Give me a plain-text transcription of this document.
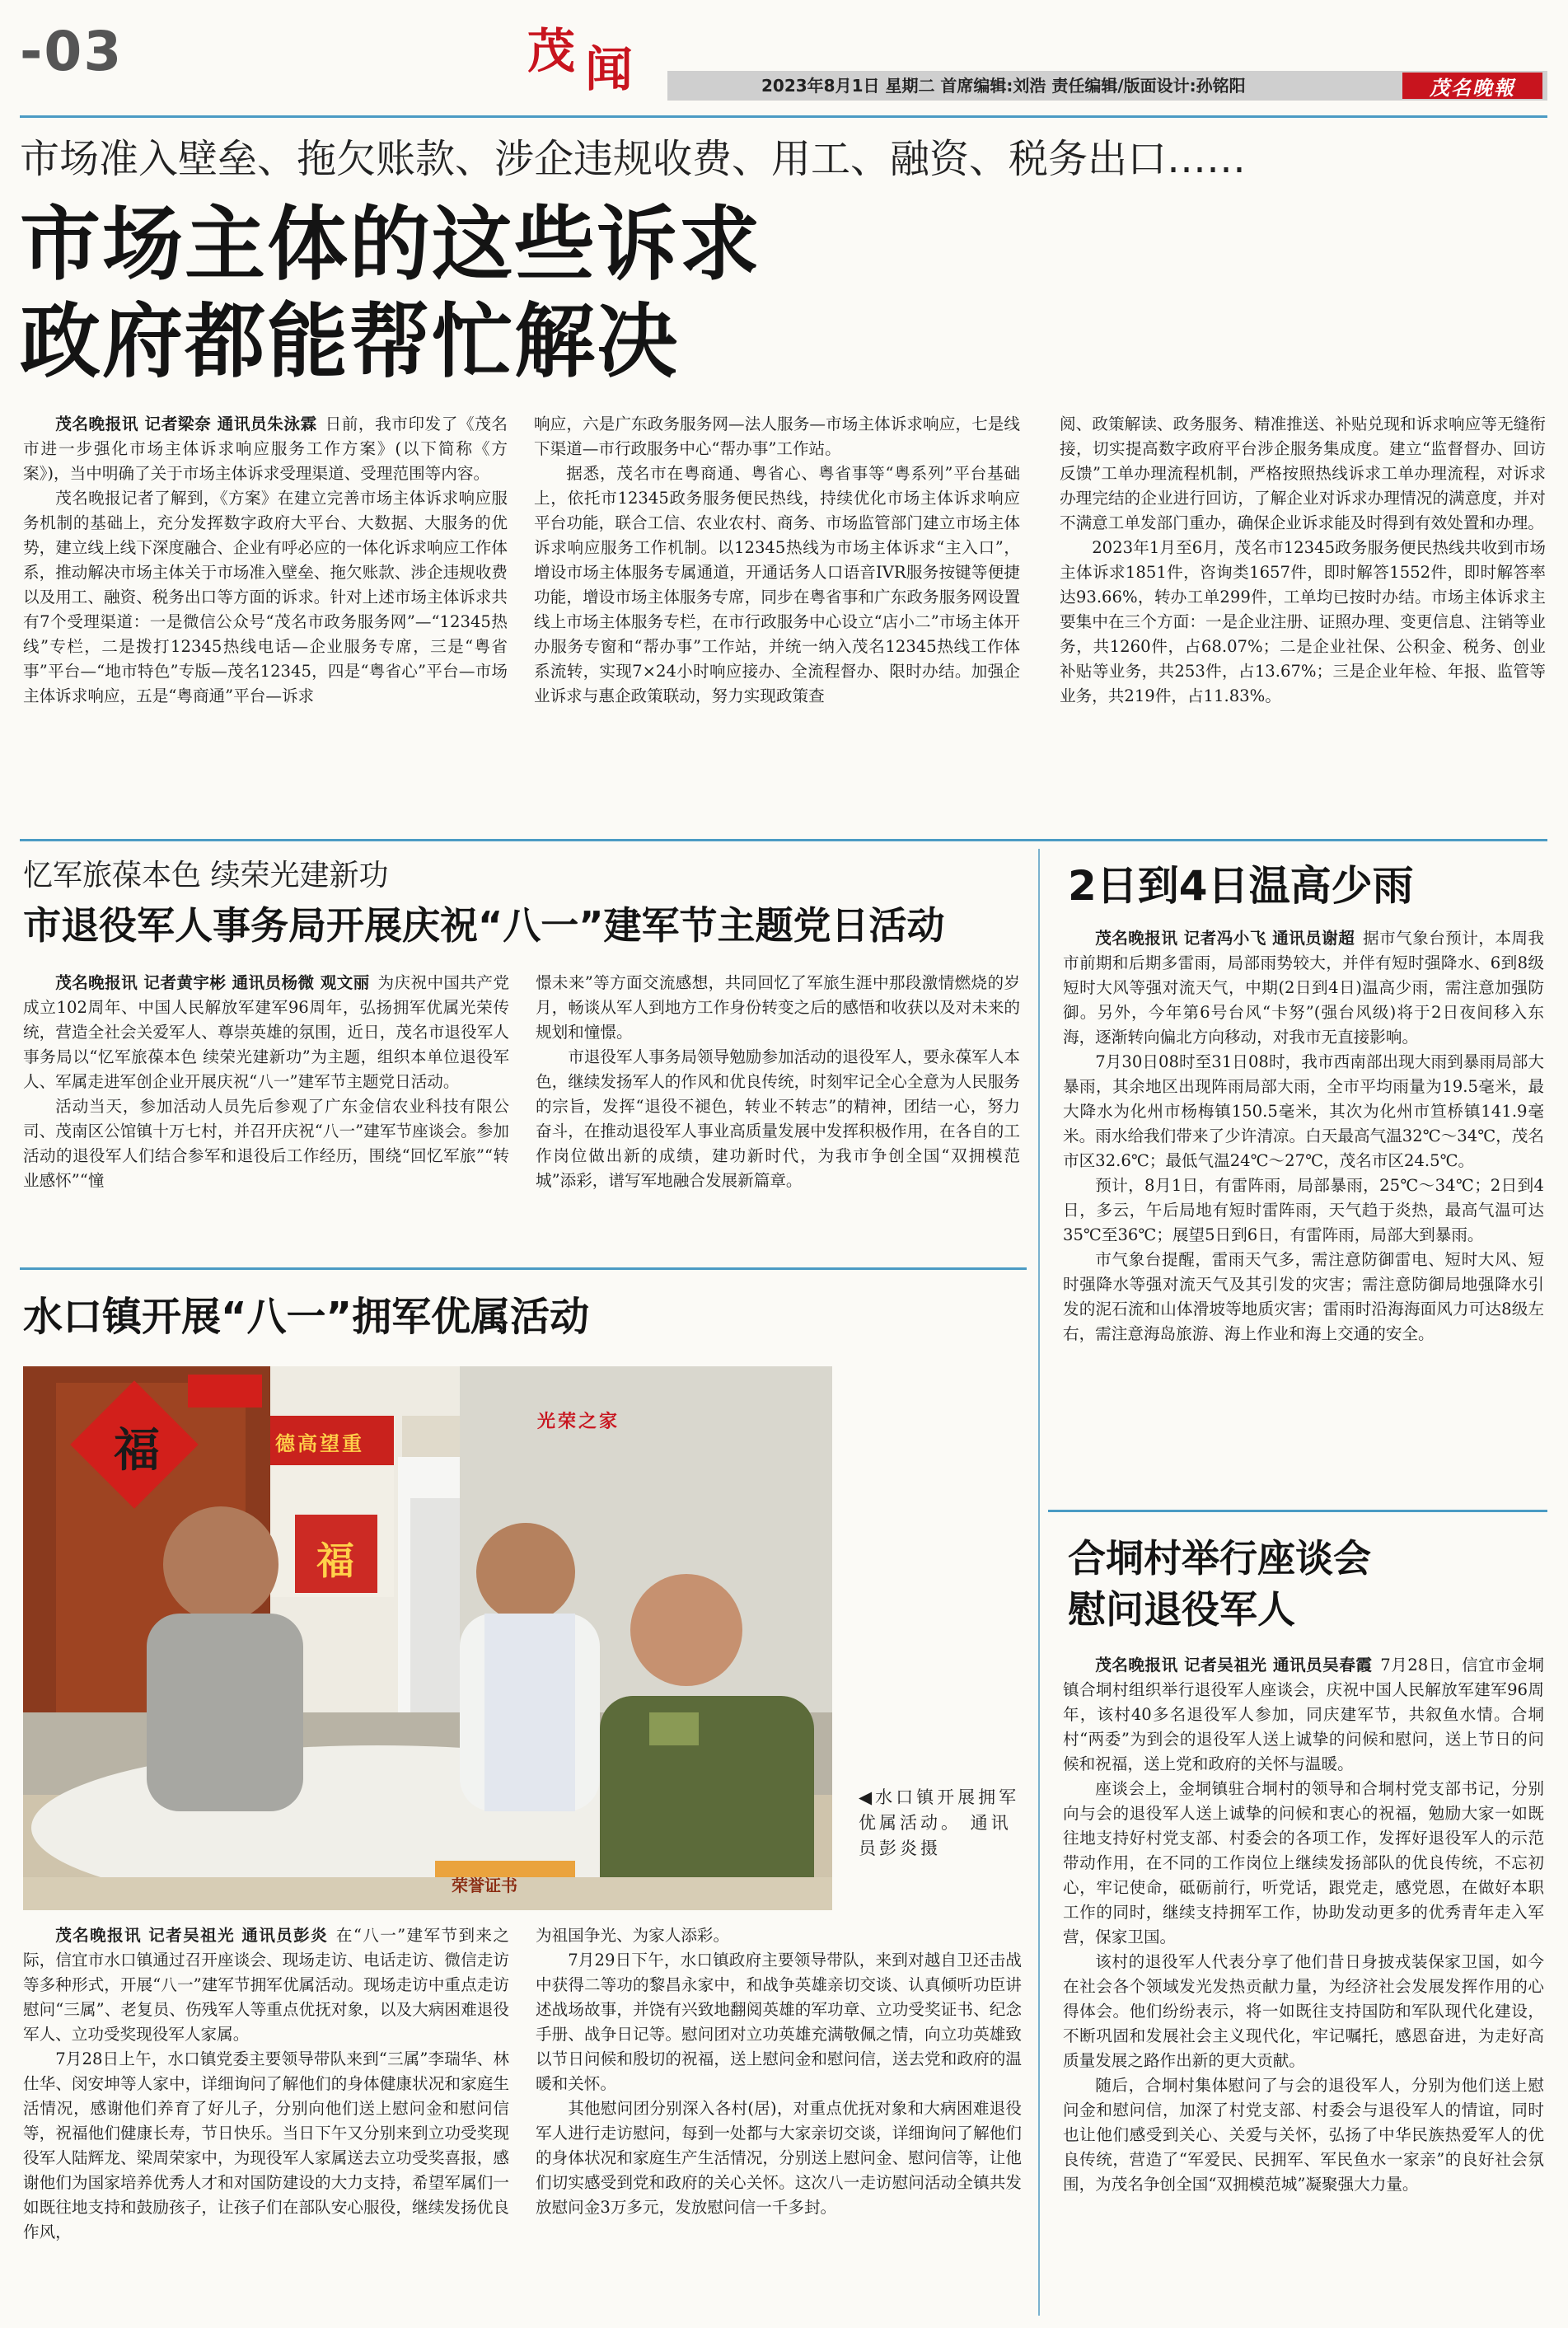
-03	茂 闻	2023年8月1日 星期二 首席编辑:刘浩 责任编辑/版面设计:孙铭阳	茂名晚報
市场准入壁垒、拖欠账款、涉企违规收费、用工、融资、税务出口……
市场主体的这些诉求
政府都能帮忙解决

茂名晚报讯 记者梁奈 通讯员朱泳霖 日前，我市印发了《茂名市进一步强化市场主体诉求响应服务工作方案》(以下简称《方案》)，当中明确了关于市场主体诉求受理渠道、受理范围等内容。

茂名晚报记者了解到，《方案》在建立完善市场主体诉求响应服务机制的基础上，充分发挥数字政府大平台、大数据、大服务的优势，建立线上线下深度融合、企业有呼必应的一体化诉求响应工作体系，推动解决市场主体关于市场准入壁垒、拖欠账款、涉企违规收费以及用工、融资、税务出口等方面的诉求。针对上述市场主体诉求共有7个受理渠道：一是微信公众号“茂名市政务服务网”—“12345热线”专栏，二是拨打12345热线电话—企业服务专席，三是“粤省事”平台—“地市特色”专版—茂名12345，四是“粤省心”平台—市场主体诉求响应，五是“粤商通”平台—诉求

响应，六是广东政务服务网—法人服务—市场主体诉求响应，七是线下渠道—市行政服务中心“帮办事”工作站。

据悉，茂名市在粤商通、粤省心、粤省事等“粤系列”平台基础上，依托市12345政务服务便民热线，持续优化市场主体诉求响应平台功能，联合工信、农业农村、商务、市场监管部门建立市场主体诉求响应服务工作机制。以12345热线为市场主体诉求“主入口”，增设市场主体服务专属通道，开通话务人口语音IVR服务按键等便捷功能，增设市场主体服务专席，同步在粤省事和广东政务服务网设置线上市场主体服务专栏，在市行政服务中心设立“店小二”市场主体开办服务专窗和“帮办事”工作站，并统一纳入茂名12345热线工作体系流转，实现7×24小时响应接办、全流程督办、限时办结。加强企业诉求与惠企政策联动，努力实现政策查

阅、政策解读、政务服务、精准推送、补贴兑现和诉求响应等无缝衔接，切实提高数字政府平台涉企服务集成度。建立“监督督办、回访反馈”工单办理流程机制，严格按照热线诉求工单办理流程，对诉求办理完结的企业进行回访，了解企业对诉求办理情况的满意度，并对不满意工单发部门重办，确保企业诉求能及时得到有效处置和办理。

2023年1月至6月，茂名市12345政务服务便民热线共收到市场主体诉求1851件，咨询类1657件，即时解答1552件，即时解答率达93.66%，转办工单299件，工单均已按时办结。市场主体诉求主要集中在三个方面：一是企业注册、证照办理、变更信息、注销等业务，共1260件，占68.07%；二是企业社保、公积金、税务、创业补贴等业务，共253件，占13.67%；三是企业年检、年报、监管等业务，共219件，占11.83%。

忆军旅葆本色 续荣光建新功
市退役军人事务局开展庆祝“八一”建军节主题党日活动

茂名晚报讯 记者黄宇彬 通讯员杨微 观文丽 为庆祝中国共产党成立102周年、中国人民解放军建军96周年，弘扬拥军优属光荣传统，营造全社会关爱军人、尊崇英雄的氛围，近日，茂名市退役军人事务局以“忆军旅葆本色 续荣光建新功”为主题，组织本单位退役军人、军属走进军创企业开展庆祝“八一”建军节主题党日活动。

活动当天，参加活动人员先后参观了广东金信农业科技有限公司、茂南区公馆镇十万七村，并召开庆祝“八一”建军节座谈会。参加活动的退役军人们结合参军和退役后工作经历，围绕“回忆军旅”“转业感怀”“憧

憬未来”等方面交流感想，共同回忆了军旅生涯中那段激情燃烧的岁月，畅谈从军人到地方工作身份转变之后的感悟和收获以及对未来的规划和憧憬。

市退役军人事务局领导勉励参加活动的退役军人，要永葆军人本色，继续发扬军人的作风和优良传统，时刻牢记全心全意为人民服务的宗旨，发挥“退役不褪色，转业不转志”的精神，团结一心，努力奋斗，在推动退役军人事业高质量发展中发挥积极作用，在各自的工作岗位做出新的成绩，建功新时代，为我市争创全国“双拥模范城”添彩，谱写军地融合发展新篇章。

水口镇开展“八一”拥军优属活动
福	德高望重
福
光荣之家
荣誉证书
◀水口镇开展拥军优属活动。 通讯员彭炎摄

茂名晚报讯 记者吴祖光 通讯员彭炎 在“八一”建军节到来之际，信宜市水口镇通过召开座谈会、现场走访、电话走访、微信走访等多种形式，开展“八一”建军节拥军优属活动。现场走访中重点走访慰问“三属”、老复员、伤残军人等重点优抚对象，以及大病困难退役军人、立功受奖现役军人家属。

7月28日上午，水口镇党委主要领导带队来到“三属”李瑞华、林仕华、闵安坤等人家中，详细询问了解他们的身体健康状况和家庭生活情况，感谢他们养育了好儿子，分别向他们送上慰问金和慰问信等，祝福他们健康长寿，节日快乐。当日下午又分别来到立功受奖现役军人陆辉龙、梁周荣家中，为现役军人家属送去立功受奖喜报，感谢他们为国家培养优秀人才和对国防建设的大力支持，希望军属们一如既往地支持和鼓励孩子，让孩子们在部队安心服役，继续发扬优良作风，

为祖国争光、为家人添彩。

7月29日下午，水口镇政府主要领导带队，来到对越自卫还击战中获得二等功的黎昌永家中，和战争英雄亲切交谈、认真倾听功臣讲述战场故事，并饶有兴致地翻阅英雄的军功章、立功受奖证书、纪念手册、战争日记等。慰问团对立功英雄充满敬佩之情，向立功英雄致以节日问候和殷切的祝福，送上慰问金和慰问信，送去党和政府的温暖和关怀。

其他慰问团分别深入各村(居)，对重点优抚对象和大病困难退役军人进行走访慰问，每到一处都与大家亲切交谈，详细询问了解他们的身体状况和家庭生产生活情况，分别送上慰问金、慰问信等，让他们切实感受到党和政府的关心关怀。这次八一走访慰问活动全镇共发放慰问金3万多元，发放慰问信一千多封。

2日到4日温高少雨

茂名晚报讯 记者冯小飞 通讯员谢超 据市气象台预计，本周我市前期和后期多雷雨，局部雨势较大，并伴有短时强降水、6到8级短时大风等强对流天气，中期(2日到4日)温高少雨，需注意加强防御。另外，今年第6号台风“卡努”(强台风级)将于2日夜间移入东海，逐渐转向偏北方向移动，对我市无直接影响。

7月30日08时至31日08时，我市西南部出现大雨到暴雨局部大暴雨，其余地区出现阵雨局部大雨，全市平均雨量为19.5毫米，最大降水为化州市杨梅镇150.5毫米，其次为化州市笪桥镇141.9毫米。雨水给我们带来了少许清凉。白天最高气温32℃～34℃，茂名市区32.6℃；最低气温24℃～27℃，茂名市区24.5℃。

预计，8月1日，有雷阵雨，局部暴雨，25℃～34℃；2日到4日，多云，午后局地有短时雷阵雨，天气趋于炎热，最高气温可达35℃至36℃；展望5日到6日，有雷阵雨，局部大到暴雨。

市气象台提醒，雷雨天气多，需注意防御雷电、短时大风、短时强降水等强对流天气及其引发的灾害；需注意防御局地强降水引发的泥石流和山体滑坡等地质灾害；雷雨时沿海海面风力可达8级左右，需注意海岛旅游、海上作业和海上交通的安全。

合垌村举行座谈会
慰问退役军人

茂名晚报讯 记者吴祖光 通讯员吴春霞 7月28日，信宜市金垌镇合垌村组织举行退役军人座谈会，庆祝中国人民解放军建军96周年，该村40多名退役军人参加，同庆建军节，共叙鱼水情。合垌村“两委”为到会的退役军人送上诚挚的问候和慰问，送上节日的问候和祝福，送上党和政府的关怀与温暖。

座谈会上，金垌镇驻合垌村的领导和合垌村党支部书记，分别向与会的退役军人送上诚挚的问候和衷心的祝福，勉励大家一如既往地支持好村党支部、村委会的各项工作，发挥好退役军人的示范带动作用，在不同的工作岗位上继续发扬部队的优良传统，不忘初心，牢记使命，砥砺前行，听党话，跟党走，感党恩，在做好本职工作的同时，继续支持拥军工作，协助发动更多的优秀青年走入军营，保家卫国。

该村的退役军人代表分享了他们昔日身披戎装保家卫国，如今在社会各个领域发光发热贡献力量，为经济社会发展发挥作用的心得体会。他们纷纷表示，将一如既往支持国防和军队现代化建设，不断巩固和发展社会主义现代化，牢记嘱托，感恩奋进，为走好高质量发展之路作出新的更大贡献。

随后，合垌村集体慰问了与会的退役军人，分别为他们送上慰问金和慰问信，加深了村党支部、村委会与退役军人的情谊，同时也让他们感受到关心、关爱与关怀，弘扬了中华民族热爱军人的优良传统，营造了“军爱民、民拥军、军民鱼水一家亲”的良好社会氛围，为茂名争创全国“双拥模范城”凝聚强大力量。
